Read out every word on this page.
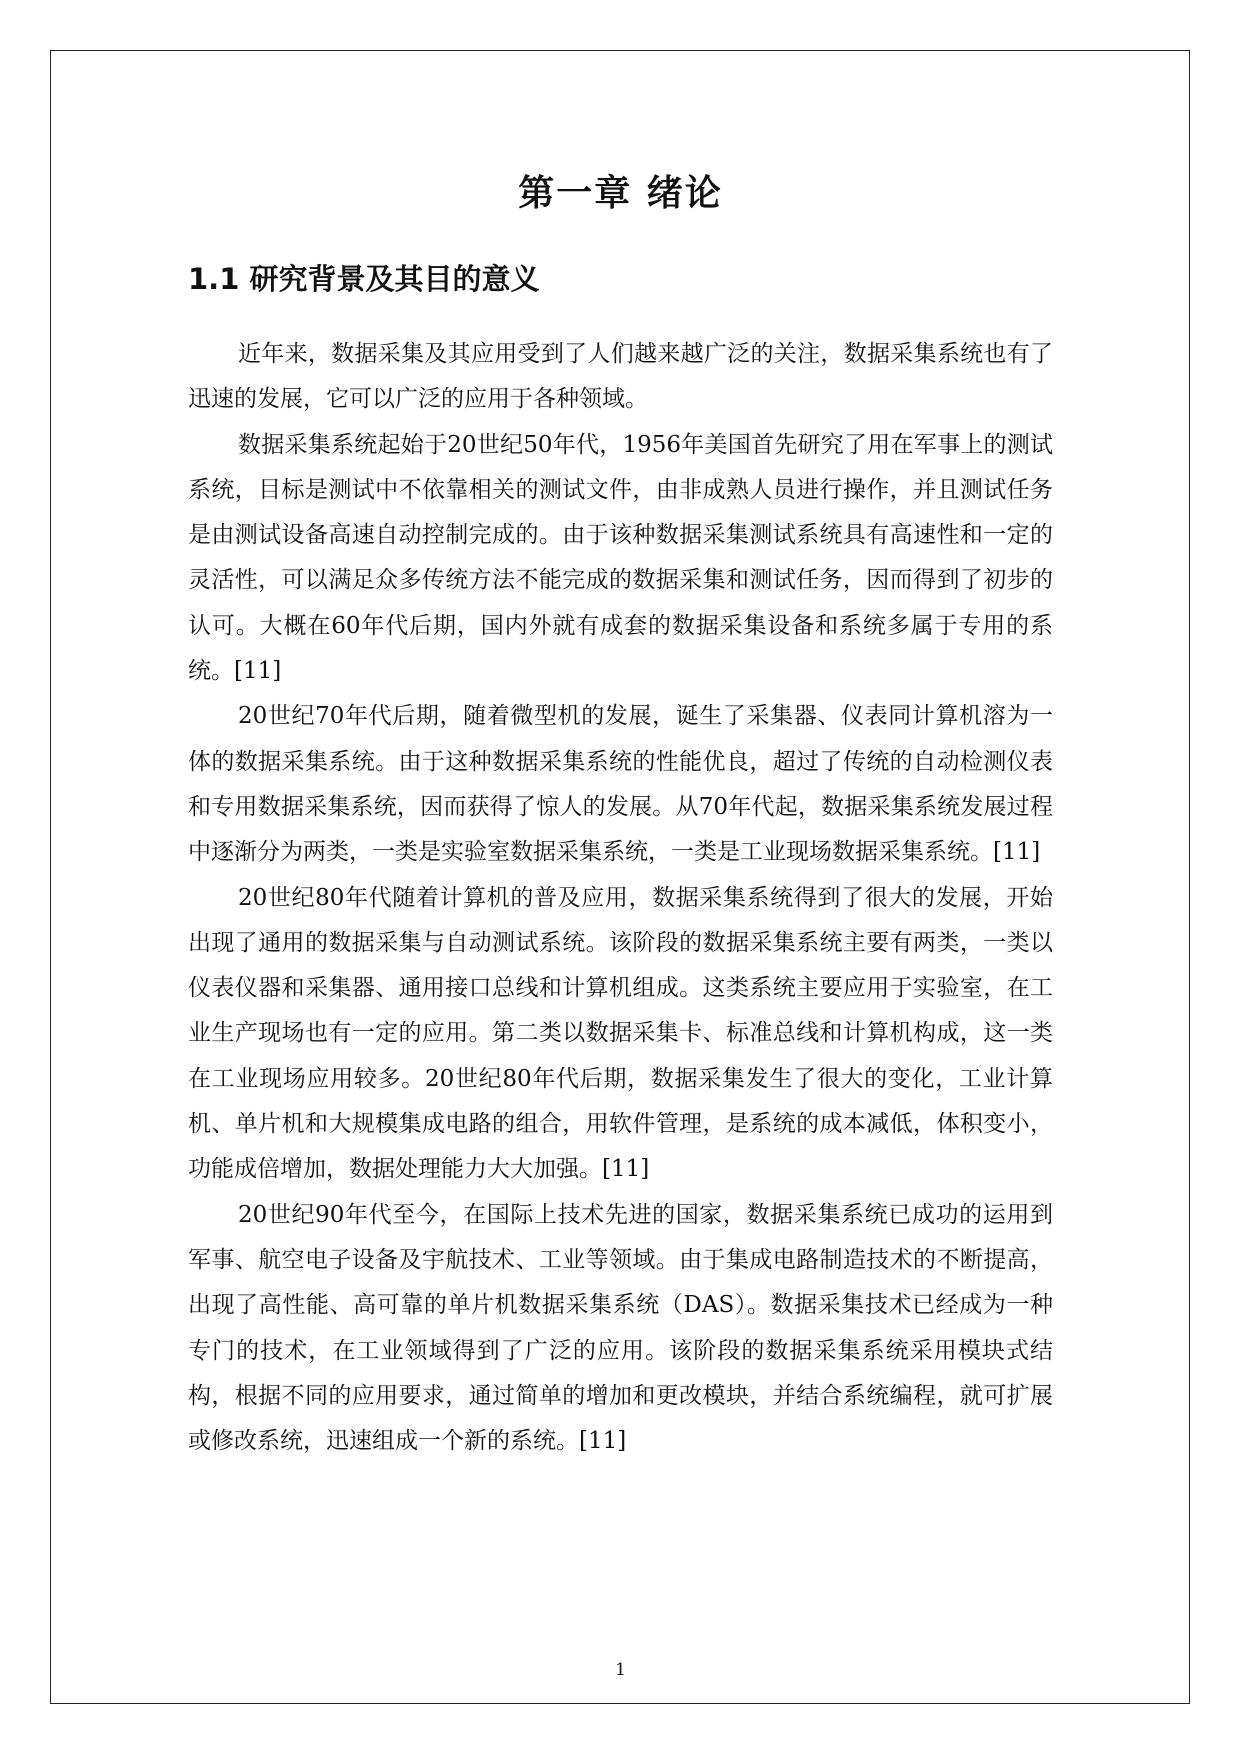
第一章 绪论
1.1 研究背景及其目的意义

近年来，数据采集及其应用受到了人们越来越广泛的关注，数据采集系统也有了迅速的发展，它可以广泛的应用于各种领域。

数据采集系统起始于20世纪50年代，1956年美国首先研究了用在军事上的测试系统，目标是测试中不依靠相关的测试文件，由非成熟人员进行操作，并且测试任务是由测试设备高速自动控制完成的。由于该种数据采集测试系统具有高速性和一定的灵活性，可以满足众多传统方法不能完成的数据采集和测试任务，因而得到了初步的认可。大概在60年代后期，国内外就有成套的数据采集设备和系统多属于专用的系统。[11]

20世纪70年代后期，随着微型机的发展，诞生了采集器、仪表同计算机溶为一体的数据采集系统。由于这种数据采集系统的性能优良，超过了传统的自动检测仪表和专用数据采集系统，因而获得了惊人的发展。从70年代起，数据采集系统发展过程中逐渐分为两类，一类是实验室数据采集系统，一类是工业现场数据采集系统。[11]

20世纪80年代随着计算机的普及应用，数据采集系统得到了很大的发展，开始出现了通用的数据采集与自动测试系统。该阶段的数据采集系统主要有两类，一类以仪表仪器和采集器、通用接口总线和计算机组成。这类系统主要应用于实验室，在工业生产现场也有一定的应用。第二类以数据采集卡、标准总线和计算机构成，这一类在工业现场应用较多。20世纪80年代后期，数据采集发生了很大的变化，工业计算机、单片机和大规模集成电路的组合，用软件管理，是系统的成本减低，体积变小，功能成倍增加，数据处理能力大大加强。[11]

20世纪90年代至今，在国际上技术先进的国家，数据采集系统已成功的运用到军事、航空电子设备及宇航技术、工业等领域。由于集成电路制造技术的不断提高，出现了高性能、高可靠的单片机数据采集系统（DAS）。数据采集技术已经成为一种专门的技术，在工业领域得到了广泛的应用。该阶段的数据采集系统采用模块式结构，根据不同的应用要求，通过简单的增加和更改模块，并结合系统编程，就可扩展或修改系统，迅速组成一个新的系统。[11]

1
